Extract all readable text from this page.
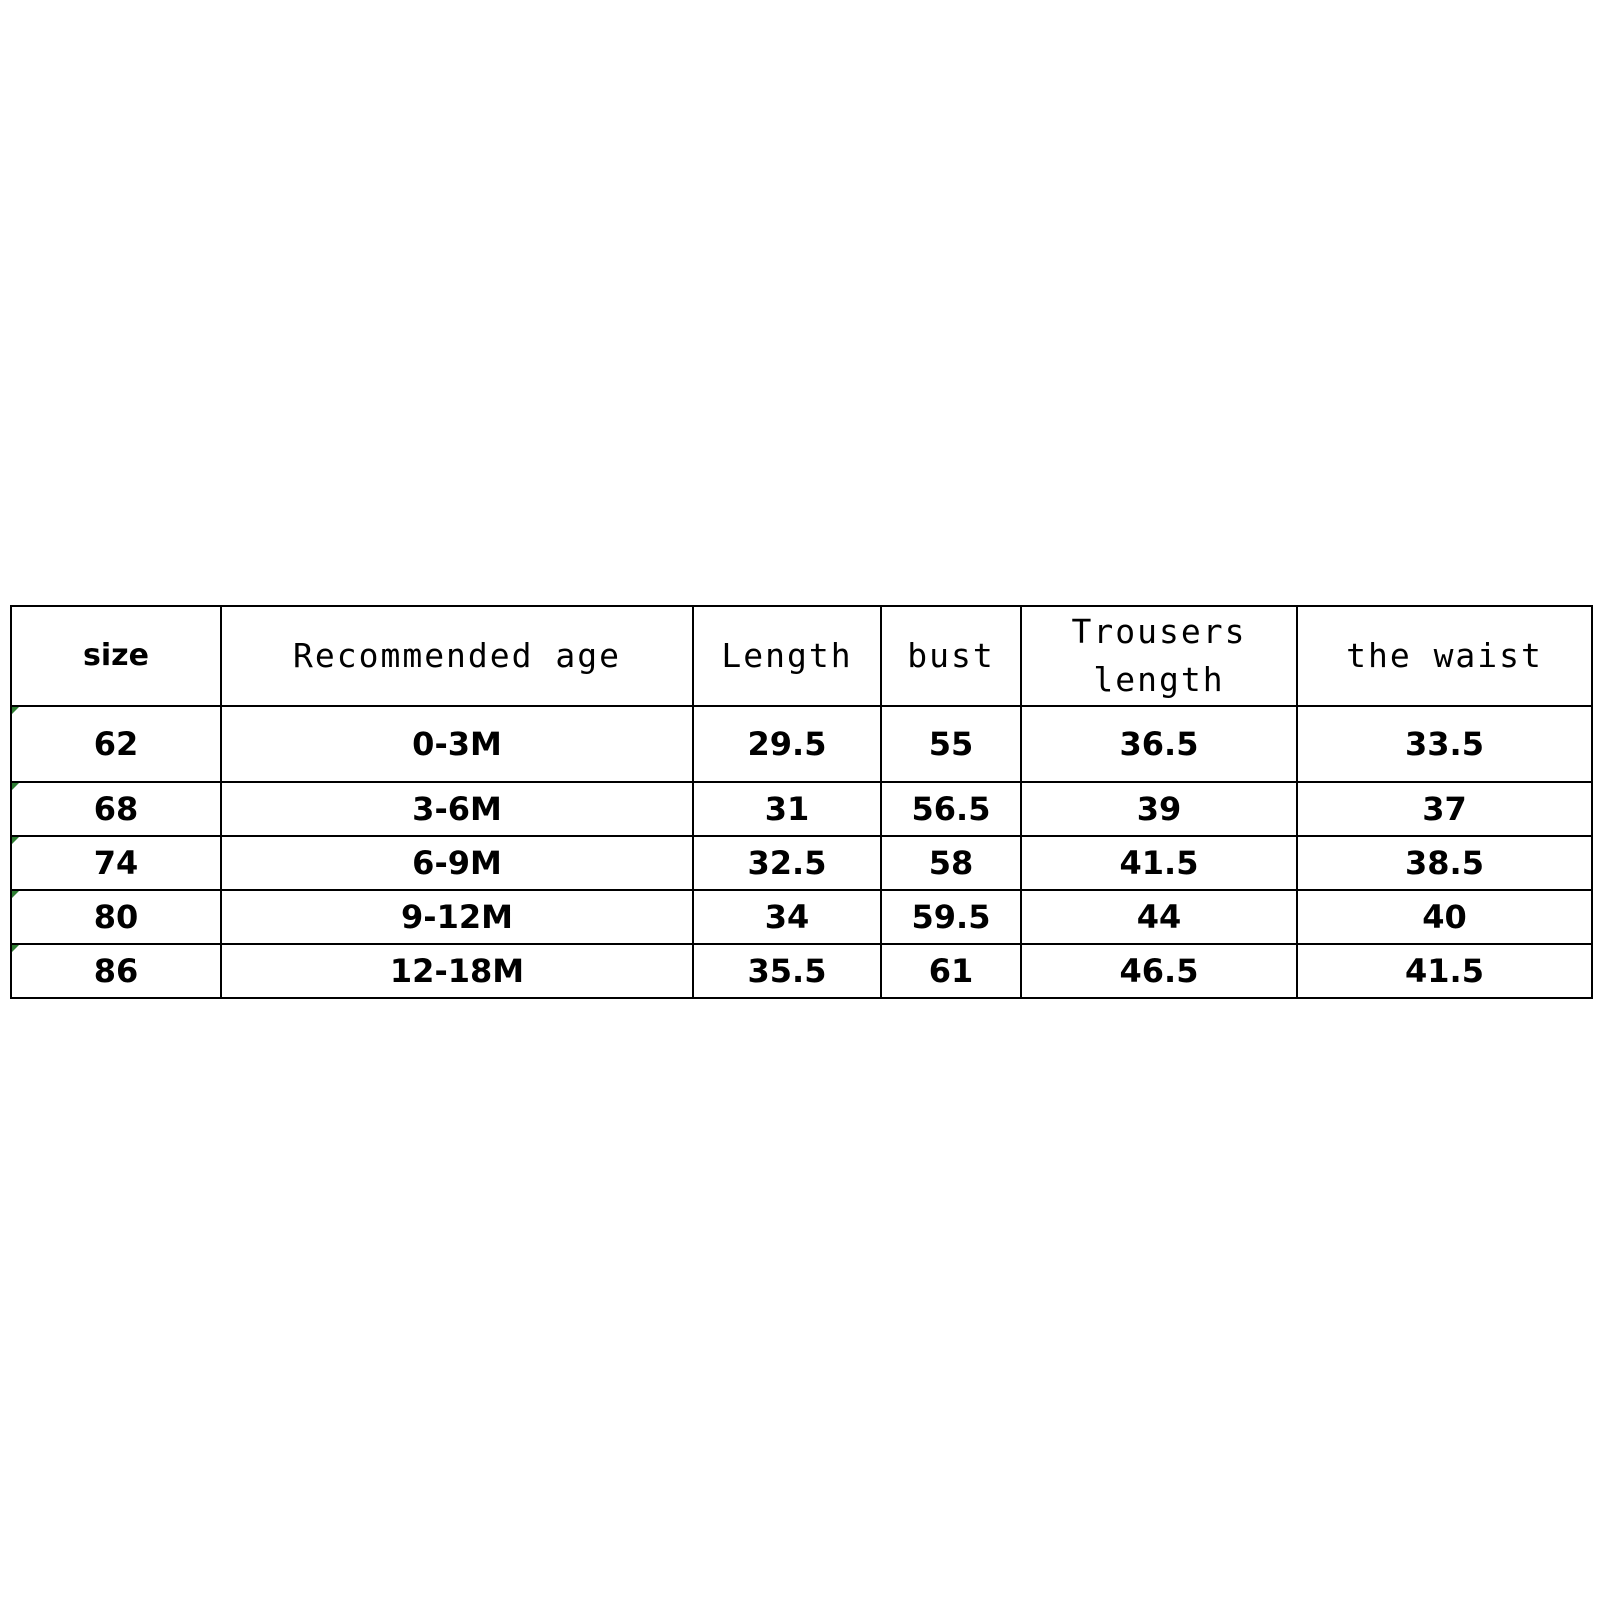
size	Recommended age	Length	bust	Trousers length	the waist

62	0-3M	29.5	55	36.5	33.5

68	3-6M	31	56.5	39	37

74	6-9M	32.5	58	41.5	38.5

80	9-12M	34	59.5	44	40

86	12-18M	35.5	61	46.5	41.5
